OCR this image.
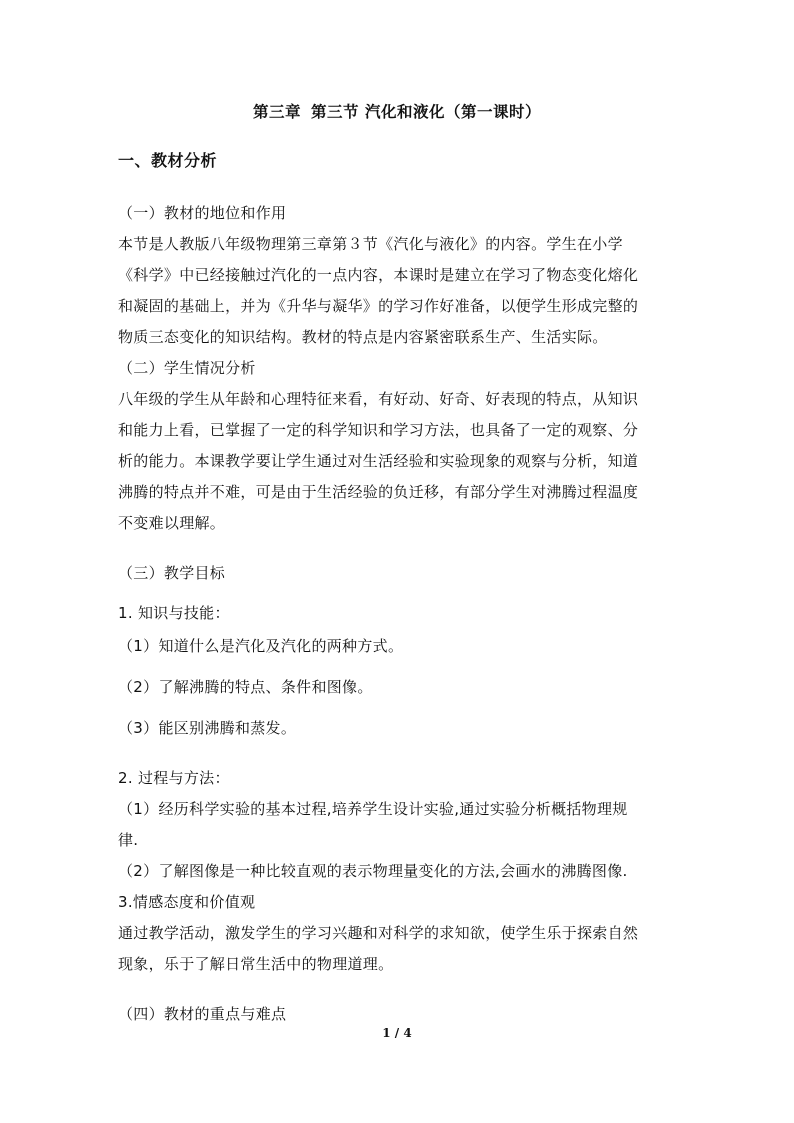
第三章 第三节 汽化和液化（第一课时）
一、教材分析
（一）教材的地位和作用
本节是人教版八年级物理第三章第３节《汽化与液化》的内容。学生在小学
《科学》中已经接触过汽化的一点内容，本课时是建立在学习了物态变化熔化
和凝固的基础上，并为《升华与凝华》的学习作好准备，以便学生形成完整的
物质三态变化的知识结构。教材的特点是内容紧密联系生产、生活实际。
（二）学生情况分析
八年级的学生从年龄和心理特征来看，有好动、好奇、好表现的特点，从知识
和能力上看，已掌握了一定的科学知识和学习方法，也具备了一定的观察、分
析的能力。本课教学要让学生通过对生活经验和实验现象的观察与分析，知道
沸腾的特点并不难，可是由于生活经验的负迁移，有部分学生对沸腾过程温度
不变难以理解。
（三）教学目标
1. 知识与技能：
（1）知道什么是汽化及汽化的两种方式。
（2）了解沸腾的特点、条件和图像。
（3）能区别沸腾和蒸发。
2. 过程与方法：
（1）经历科学实验的基本过程,培养学生设计实验,通过实验分析概括物理规
律.
（2）了解图像是一种比较直观的表示物理量变化的方法,会画水的沸腾图像.
3.情感态度和价值观
通过教学活动，激发学生的学习兴趣和对科学的求知欲，使学生乐于探索自然
现象，乐于了解日常生活中的物理道理。
（四）教材的重点与难点
1 / 4
